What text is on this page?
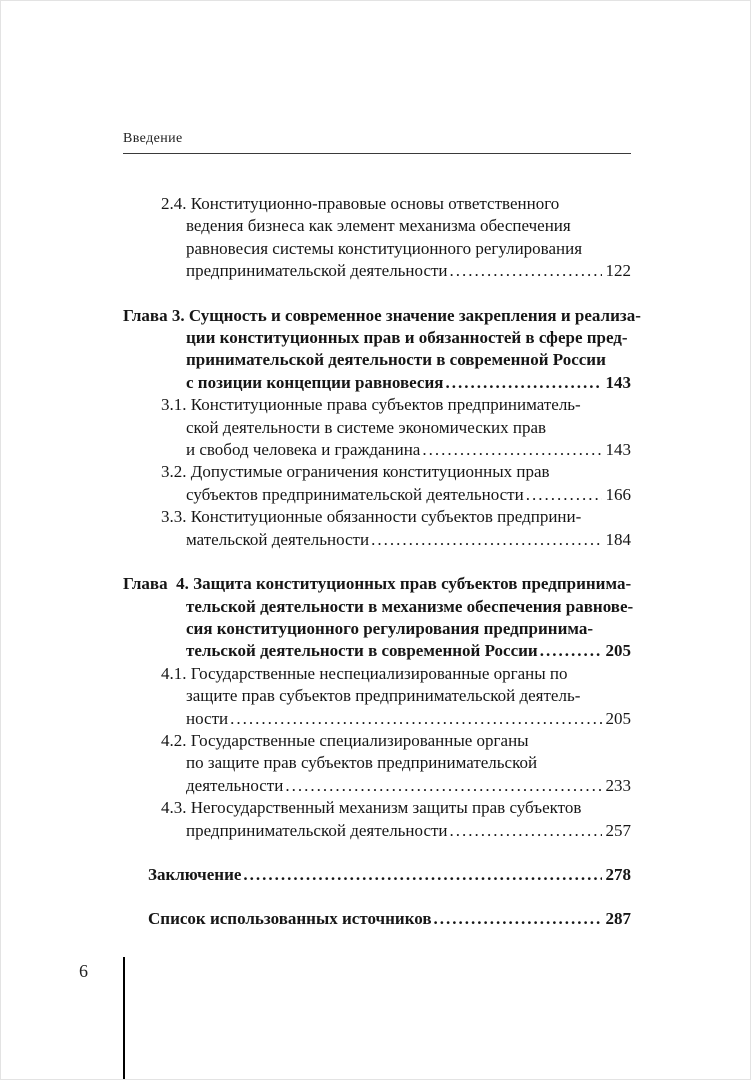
Введение
2.4. Конституционно-правовые основы ответственного
ведения бизнеса как элемент механизма обеспечения
равновесия системы конституционного регулирования
предпринимательской деятельности .....	122
Глава 3. Сущность и современное значение закрепления и реализа-
ции конституционных прав и обязанностей в сфере пред-
принимательской деятельности в современной России
с позиции концепции равновесия .....	143
3.1. Конституционные права субъектов предприниматель-
ской деятельности в системе экономических прав
и свобод человека и гражданина .....	143
3.2. Допустимые ограничения конституционных прав
субъектов предпринимательской деятельности .....	166
3.3. Конституционные обязанности субъектов предприни-
мательской деятельности .....	184
Глава  4. Защита конституционных прав субъектов предпринима-
тельской деятельности в механизме обеспечения равнове-
сия конституционного регулирования предпринима-
тельской деятельности в современной России .....	205
4.1. Государственные неспециализированные органы по
защите прав субъектов предпринимательской деятель-
ности .....	205
4.2. Государственные специализированные органы
по защите прав субъектов предпринимательской
деятельности .....	233
4.3. Негосударственный механизм защиты прав субъектов
предпринимательской деятельности .....	257
Заключение .....	278
Список использованных источников .....	287
6
